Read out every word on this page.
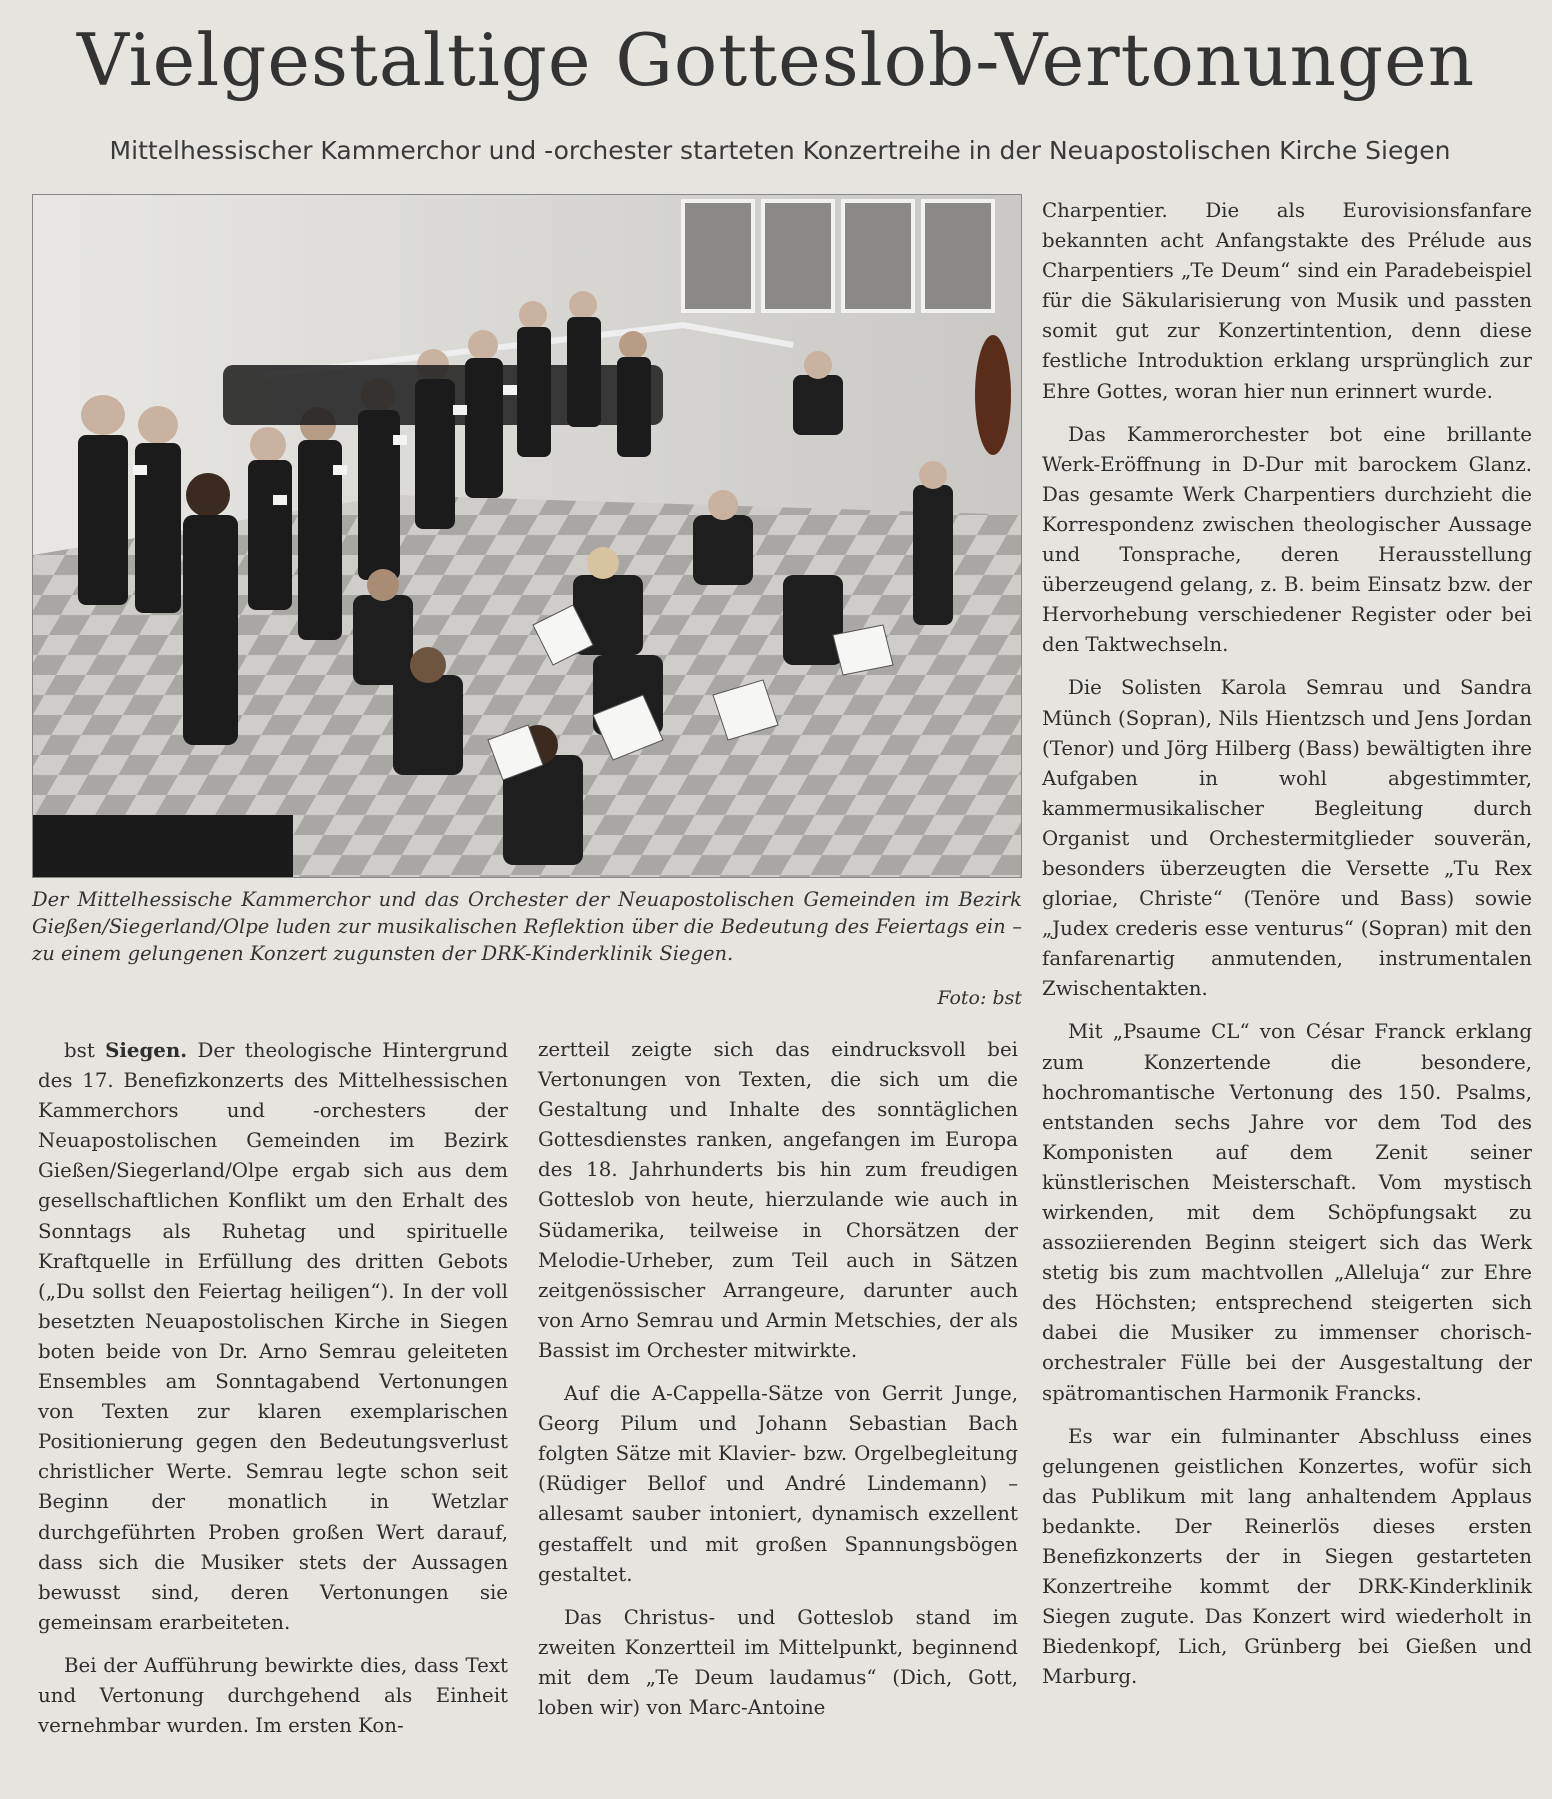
Vielgestaltige Gotteslob-Vertonungen
Mittelhessischer Kammerchor und -orchester starteten Konzertreihe in der Neuapostolischen Kirche Siegen

Der Mittelhessische Kammerchor und das Orchester der Neuapostolischen Gemeinden im Bezirk Gießen/Siegerland/Olpe luden zur musikalischen Reflektion über die Bedeutung des Feiertags ein – zu einem gelungenen Konzert zugunsten der DRK-Kinderklinik Siegen.

Foto: bst

bst Siegen. Der theologische Hintergrund des 17. Benefizkonzerts des Mittelhessischen Kammerchors und -orchesters der Neuapostolischen Gemeinden im Bezirk Gießen/Siegerland/Olpe ergab sich aus dem gesellschaftlichen Konflikt um den Erhalt des Sonntags als Ruhetag und spirituelle Kraftquelle in Erfüllung des dritten Gebots („Du sollst den Feiertag heiligen“). In der voll besetzten Neuapostolischen Kirche in Siegen boten beide von Dr. Arno Semrau geleiteten Ensembles am Sonntagabend Vertonungen von Texten zur klaren exemplarischen Positionierung gegen den Bedeutungsverlust christlicher Werte. Semrau legte schon seit Beginn der monatlich in Wetzlar durchgeführten Proben großen Wert darauf, dass sich die Musiker stets der Aussagen bewusst sind, deren Vertonungen sie gemeinsam erarbeiteten.

Bei der Aufführung bewirkte dies, dass Text und Vertonung durchgehend als Einheit vernehmbar wurden. Im ersten Kon-

zertteil zeigte sich das eindrucksvoll bei Vertonungen von Texten, die sich um die Gestaltung und Inhalte des sonntäglichen Gottesdienstes ranken, angefangen im Europa des 18. Jahrhunderts bis hin zum freudigen Gotteslob von heute, hierzulande wie auch in Südamerika, teilweise in Chorsätzen der Melodie-Urheber, zum Teil auch in Sätzen zeitgenössischer Arrangeure, darunter auch von Arno Semrau und Armin Metschies, der als Bassist im Orchester mitwirkte.

Auf die A-Cappella-Sätze von Gerrit Junge, Georg Pilum und Johann Sebastian Bach folgten Sätze mit Klavier- bzw. Orgelbegleitung (Rüdiger Bellof und André Lindemann) – allesamt sauber intoniert, dynamisch exzellent gestaffelt und mit großen Spannungsbögen gestaltet.

Das Christus- und Gotteslob stand im zweiten Konzertteil im Mittelpunkt, beginnend mit dem „Te Deum laudamus“ (Dich, Gott, loben wir) von Marc-Antoine

Charpentier. Die als Eurovisionsfanfare bekannten acht Anfangstakte des Prélude aus Charpentiers „Te Deum“ sind ein Paradebeispiel für die Säkularisierung von Musik und passten somit gut zur Konzertintention, denn diese festliche Introduktion erklang ursprünglich zur Ehre Gottes, woran hier nun erinnert wurde.

Das Kammerorchester bot eine brillante Werk-Eröffnung in D-Dur mit barockem Glanz. Das gesamte Werk Charpentiers durchzieht die Korrespondenz zwischen theologischer Aussage und Tonsprache, deren Herausstellung überzeugend gelang, z. B. beim Einsatz bzw. der Hervorhebung verschiedener Register oder bei den Taktwechseln.

Die Solisten Karola Semrau und Sandra Münch (Sopran), Nils Hientzsch und Jens Jordan (Tenor) und Jörg Hilberg (Bass) bewältigten ihre Aufgaben in wohl abgestimmter, kammermusikalischer Begleitung durch Organist und Orchestermitglieder souverän, besonders überzeugten die Versette „Tu Rex gloriae, Christe“ (Tenöre und Bass) sowie „Judex crederis esse venturus“ (Sopran) mit den fanfarenartig anmutenden, instrumentalen Zwischentakten.

Mit „Psaume CL“ von César Franck erklang zum Konzertende die besondere, hochromantische Vertonung des 150. Psalms, entstanden sechs Jahre vor dem Tod des Komponisten auf dem Zenit seiner künstlerischen Meisterschaft. Vom mystisch wirkenden, mit dem Schöpfungsakt zu assoziierenden Beginn steigert sich das Werk stetig bis zum machtvollen „Alleluja“ zur Ehre des Höchsten; entsprechend steigerten sich dabei die Musiker zu immenser chorisch-orchestraler Fülle bei der Ausgestaltung der spätromantischen Harmonik Francks.

Es war ein fulminanter Abschluss eines gelungenen geistlichen Konzertes, wofür sich das Publikum mit lang anhaltendem Applaus bedankte. Der Reinerlös dieses ersten Benefizkonzerts der in Siegen gestarteten Konzertreihe kommt der DRK-Kinderklinik Siegen zugute. Das Konzert wird wiederholt in Biedenkopf, Lich, Grünberg bei Gießen und Marburg.
